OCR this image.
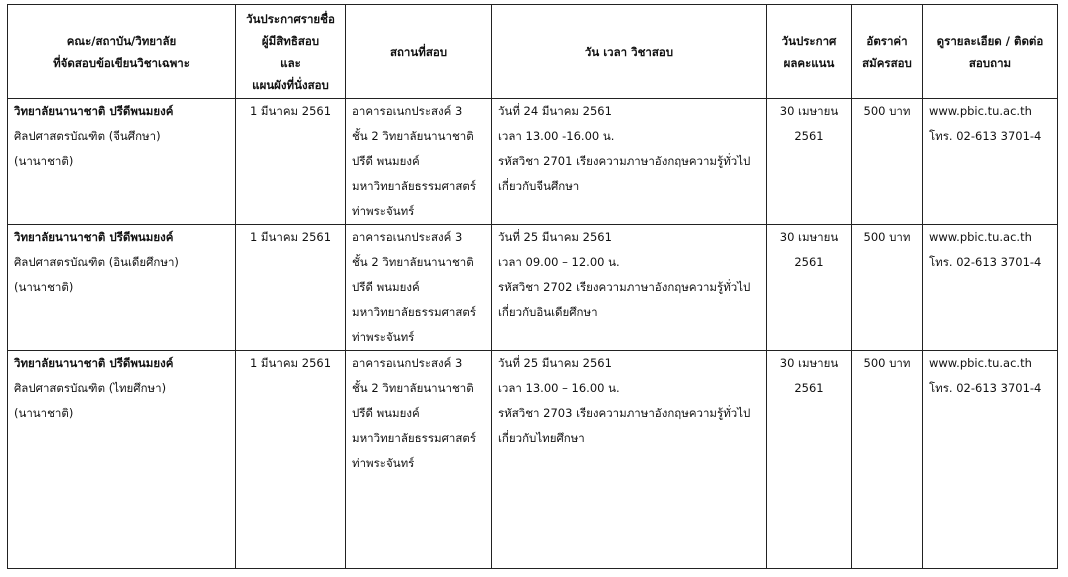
คณะ/สถาบัน/วิทยาลัย
ที่จัดสอบข้อเขียนวิชาเฉพาะ	วันประกาศรายชื่อ
ผู้มีสิทธิสอบ
และ
แผนผังที่นั่งสอบ	สถานที่สอบ	วัน เวลา วิชาสอบ	วันประกาศ
ผลคะแนน	อัตราค่า
สมัครสอบ	ดูรายละเอียด / ติดต่อ
สอบถาม

วิทยาลัยนานาชาติ ปรีดีพนมยงค์
ศิลปศาสตรบัณฑิต (จีนศึกษา)
(นานาชาติ)	1 มีนาคม 2561	อาคารอเนกประสงค์ 3
ชั้น 2 วิทยาลัยนานาชาติ
ปรีดี พนมยงค์
มหาวิทยาลัยธรรมศาสตร์
ท่าพระจันทร์	วันที่ 24 มีนาคม 2561
เวลา 13.00 -16.00 น.
รหัสวิชา 2701 เรียงความภาษาอังกฤษความรู้ทั่วไป
เกี่ยวกับจีนศึกษา	30 เมษายน
2561	500 บาท	www.pbic.tu.ac.th
โทร. 02-613 3701-4

วิทยาลัยนานาชาติ ปรีดีพนมยงค์
ศิลปศาสตรบัณฑิต (อินเดียศึกษา)
(นานาชาติ)	1 มีนาคม 2561	อาคารอเนกประสงค์ 3
ชั้น 2 วิทยาลัยนานาชาติ
ปรีดี พนมยงค์
มหาวิทยาลัยธรรมศาสตร์
ท่าพระจันทร์	วันที่ 25 มีนาคม 2561
เวลา 09.00 – 12.00 น.
รหัสวิชา 2702 เรียงความภาษาอังกฤษความรู้ทั่วไป
เกี่ยวกับอินเดียศึกษา	30 เมษายน
2561	500 บาท	www.pbic.tu.ac.th
โทร. 02-613 3701-4

วิทยาลัยนานาชาติ ปรีดีพนมยงค์
ศิลปศาสตรบัณฑิต (ไทยศึกษา)
(นานาชาติ)	1 มีนาคม 2561	อาคารอเนกประสงค์ 3
ชั้น 2 วิทยาลัยนานาชาติ
ปรีดี พนมยงค์
มหาวิทยาลัยธรรมศาสตร์
ท่าพระจันทร์	วันที่ 25 มีนาคม 2561
เวลา 13.00 – 16.00 น.
รหัสวิชา 2703 เรียงความภาษาอังกฤษความรู้ทั่วไป
เกี่ยวกับไทยศึกษา	30 เมษายน
2561	500 บาท	www.pbic.tu.ac.th
โทร. 02-613 3701-4
